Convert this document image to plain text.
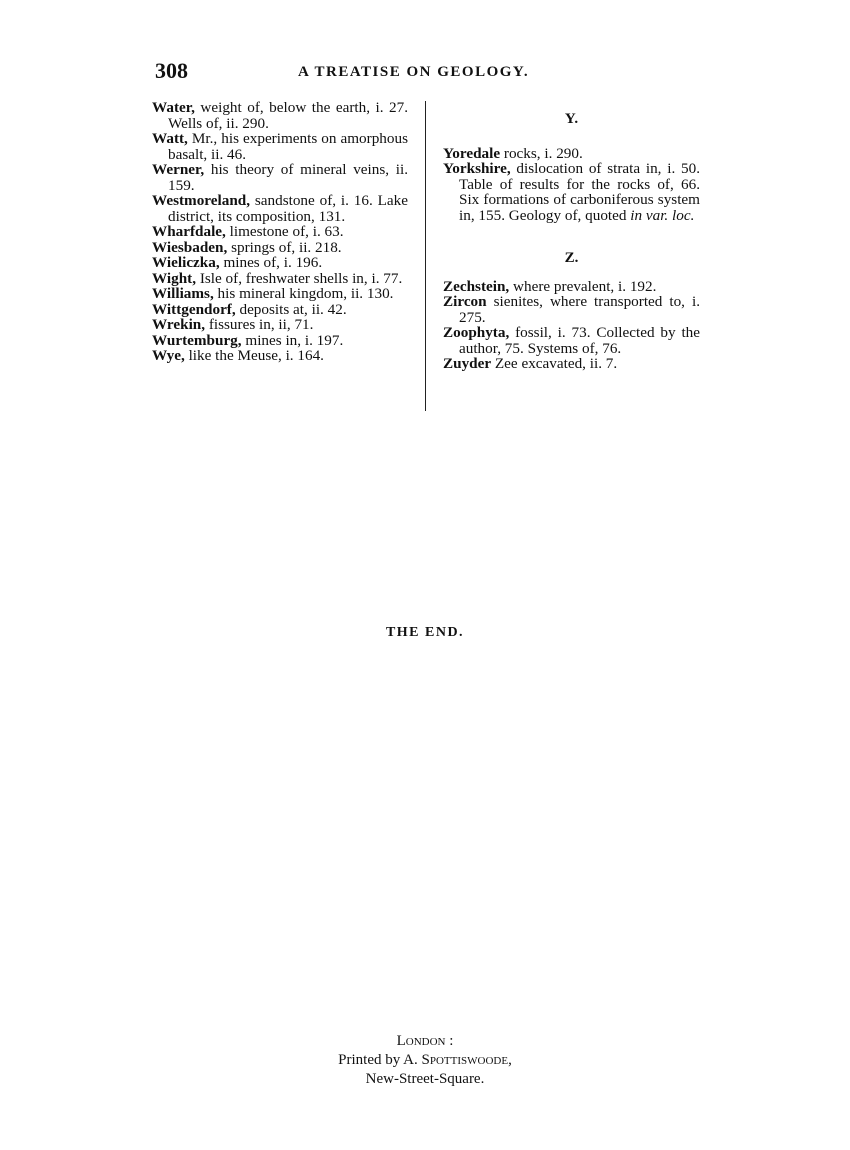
308	A TREATISE ON GEOLOGY.

Water, weight of, below the earth, i. 27. Wells of, ii. 290.

Watt, Mr., his experiments on amorphous basalt, ii. 46.

Werner, his theory of mineral veins, ii. 159.

Westmoreland, sandstone of, i. 16. Lake district, its composition, 131.

Wharfdale, limestone of, i. 63.

Wiesbaden, springs of, ii. 218.

Wieliczka, mines of, i. 196.

Wight, Isle of, freshwater shells in, i. 77.

Williams, his mineral kingdom, ii. 130.

Wittgendorf, deposits at, ii. 42.

Wrekin, fissures in, ii, 71.

Wurtemburg, mines in, i. 197.

Wye, like the Meuse, i. 164.

Y.

Yoredale rocks, i. 290.

Yorkshire, dislocation of strata in, i. 50. Table of results for the rocks of, 66. Six formations of carboniferous system in, 155. Geology of, quoted in var. loc.

Z.

Zechstein, where prevalent, i. 192.

Zircon sienites, where transported to, i. 275.

Zoophyta, fossil, i. 73. Collected by the author, 75. Systems of, 76.

Zuyder Zee excavated, ii. 7.

THE END.
London :
Printed by A. Spottiswoode,
New-Street-Square.
